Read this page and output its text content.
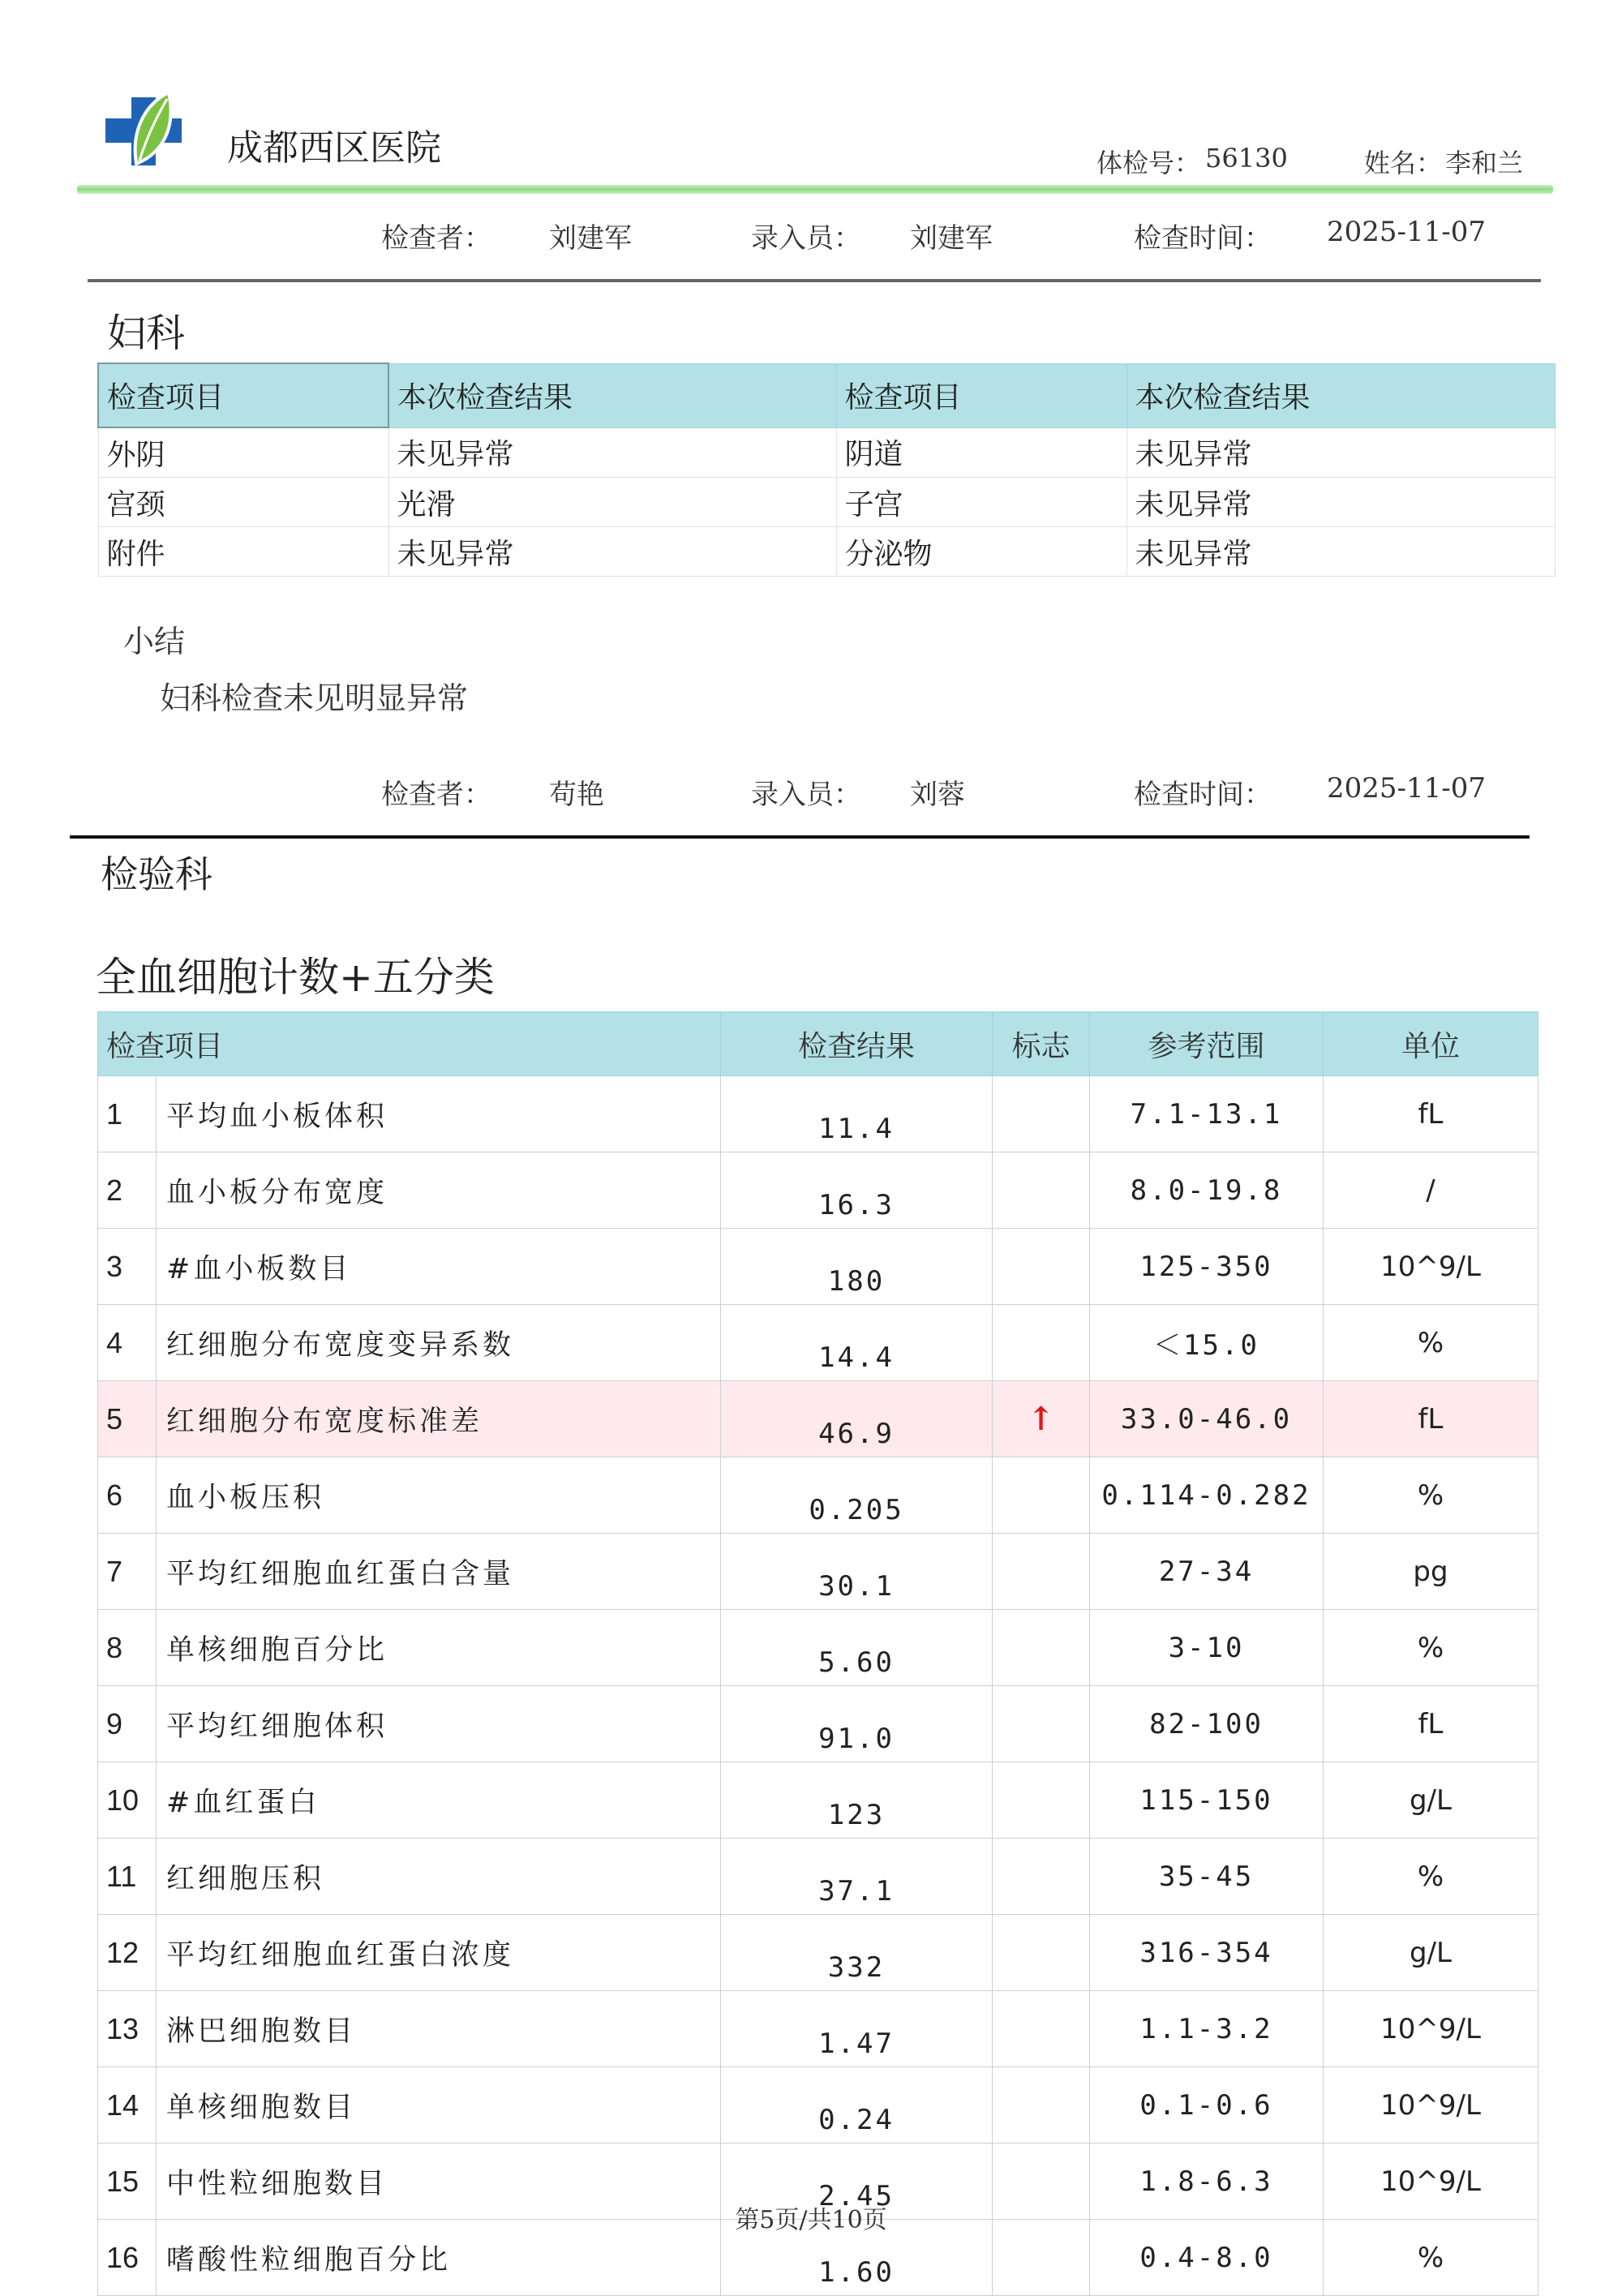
成都西区医院	体检号： 56130	姓名： 李和兰
检查者： 刘建军	录入员： 刘建军	检查时间： 2025-11-07
妇科
检查项目	本次检查结果	检查项目	本次检查结果
外阴	未见异常	阴道	未见异常
宫颈	光滑	子宫	未见异常
附件	未见异常	分泌物	未见异常
小结
妇科检查未见明显异常
检查者： 苟艳	录入员： 刘蓉	检查时间： 2025-11-07
检验科
全血细胞计数+五分类
检查项目		检查结果	标志	参考范围	单位
1	平均血小板体积	11.4		7.1-13.1	fL
2	血小板分布宽度	16.3		8.0-19.8	/
3	#血小板数目	180		125-350	10^9/L
4	红细胞分布宽度变异系数	14.4		＜15.0	%
5	红细胞分布宽度标准差	46.9	↑	33.0-46.0	fL
6	血小板压积	0.205		0.114-0.282	%
7	平均红细胞血红蛋白含量	30.1		27-34	pg
8	单核细胞百分比	5.60		3-10	%
9	平均红细胞体积	91.0		82-100	fL
10	#血红蛋白	123		115-150	g/L
11	红细胞压积	37.1		35-45	%
12	平均红细胞血红蛋白浓度	332		316-354	g/L
13	淋巴细胞数目	1.47		1.1-3.2	10^9/L
14	单核细胞数目	0.24		0.1-0.6	10^9/L
15	中性粒细胞数目	2.45		1.8-6.3	10^9/L
16	嗜酸性粒细胞百分比	1.60		0.4-8.0	%
第5页/共10页
